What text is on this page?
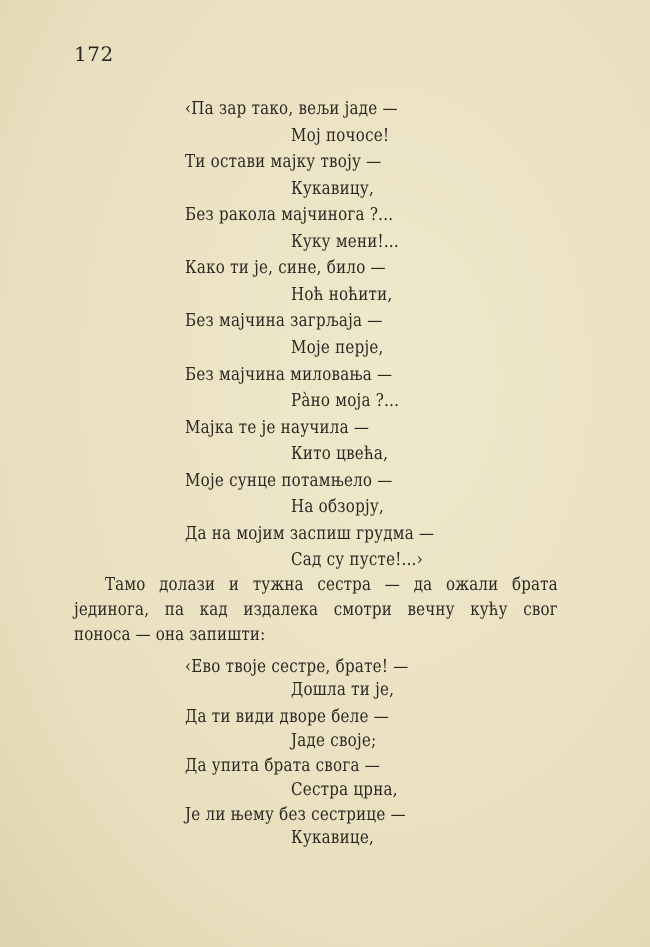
172
‹Па зар тако, вељи јаде —
Мој почосе!
Ти остави мајку твоју —
Кукавицу,
Без ракола мајчинога ?...
Куку мени!...
Како ти је, сине, било —
Ноћ ноћити,
Без мајчина загрљаја —
Моје перје,
Без мајчина миловања —
Ра̀но моја ?...
Мајка те је научила —
Кито цвећа,
Моје сунце потамњело —
На обзорју,
Да на мојим заспиш грудма —
Сад су пусте!...›
Тамо долази и тужна сестра — да ожали брата
јединога, па кад издалека смотри вечну кућу свог
поноса — она запишти:
‹Ево твоје сестре, брате! —
Дошла ти је,
Да ти види дворе беле —
Јаде своје;
Да упита брата свога —
Сестра црна,
Је ли њему без сестрице —
Кукавице,
